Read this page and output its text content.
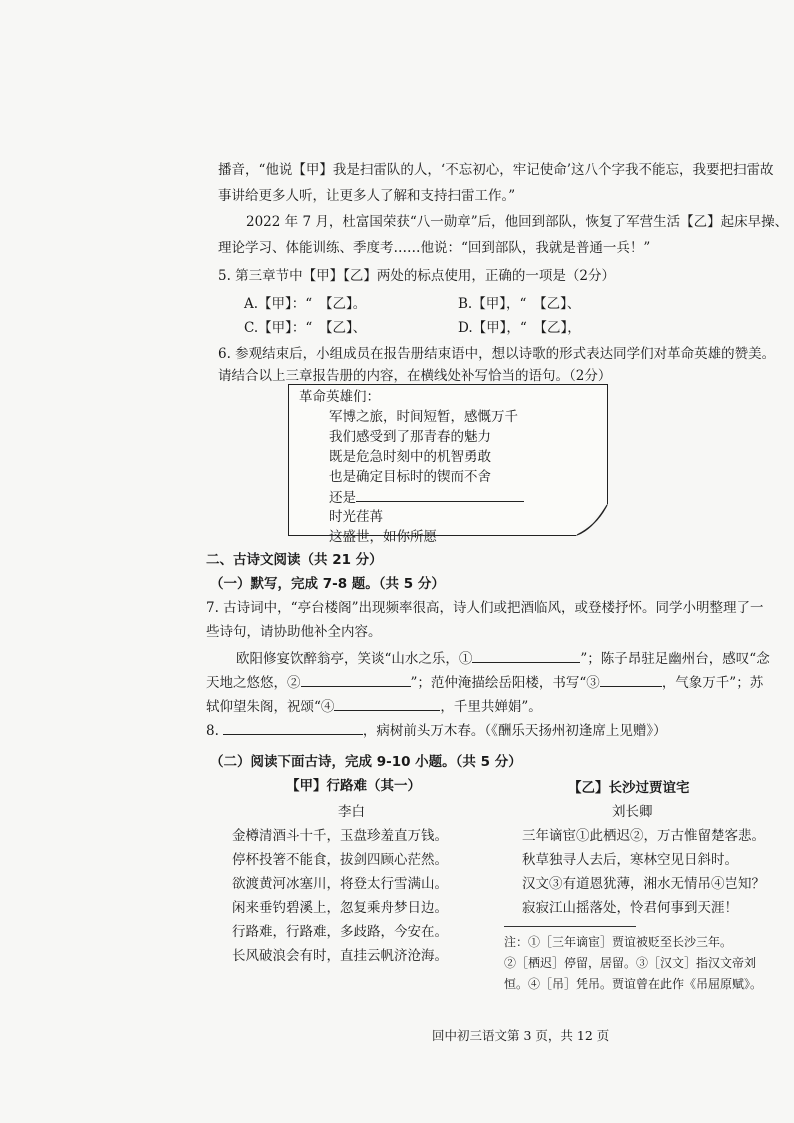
播音，“他说【甲】我是扫雷队的人，‘不忘初心，牢记使命’这八个字我不能忘，我要把扫雷故
事讲给更多人听，让更多人了解和支持扫雷工作。”
2022 年 7 月，杜富国荣获“八一勋章”后，他回到部队，恢复了军营生活【乙】起床早操、
理论学习、体能训练、季度考……他说：“回到部队，我就是普通一兵！”
5. 第三章节中【甲】【乙】两处的标点使用，正确的一项是（2分）
A.【甲】：“　【乙】。	B.【甲】，“　【乙】、
C.【甲】：“　【乙】、	D.【甲】，“　【乙】，
6. 参观结束后，小组成员在报告册结束语中，想以诗歌的形式表达同学们对革命英雄的赞美。
请结合以上三章报告册的内容，在横线处补写恰当的语句。（2分）
革命英雄们：
军博之旅，时间短暂，感慨万千
我们感受到了那青春的魅力
既是危急时刻中的机智勇敢
也是确定目标时的锲而不舍
还是
时光荏苒
这盛世，如你所愿
二、古诗文阅读（共 21 分）
（一）默写，完成 7-8 题。（共 5 分）
7. 古诗词中，“亭台楼阁”出现频率很高，诗人们或把酒临风，或登楼抒怀。同学小明整理了一
些诗句，请协助他补全内容。
欧阳修宴饮醉翁亭，笑谈“山水之乐，①	”；陈子昂驻足幽州台，感叹“念
天地之悠悠，②	”；范仲淹描绘岳阳楼，书写“③	，气象万千”；苏
轼仰望朱阁，祝颂“④	，千里共婵娟”。
8.	，病树前头万木春。（《酬乐天扬州初逢席上见赠》）
（二）阅读下面古诗，完成 9-10 小题。（共 5 分）
【甲】行路难（其一）
李白
金樽清酒斗十千，玉盘珍羞直万钱。
停杯投箸不能食，拔剑四顾心茫然。
欲渡黄河冰塞川，将登太行雪满山。
闲来垂钓碧溪上，忽复乘舟梦日边。
行路难，行路难，多歧路，今安在。
长风破浪会有时，直挂云帆济沧海。
【乙】长沙过贾谊宅
刘长卿
三年谪宦①此栖迟②，万古惟留楚客悲。
秋草独寻人去后，寒林空见日斜时。
汉文③有道恩犹薄，湘水无情吊④岂知？
寂寂江山摇落处，怜君何事到天涯！
注：①［三年谪宦］贾谊被贬至长沙三年。
②［栖迟］停留，居留。③［汉文］指汉文帝刘
恒。④［吊］凭吊。贾谊曾在此作《吊屈原赋》。
回中初三语文第 3 页，共 12 页
